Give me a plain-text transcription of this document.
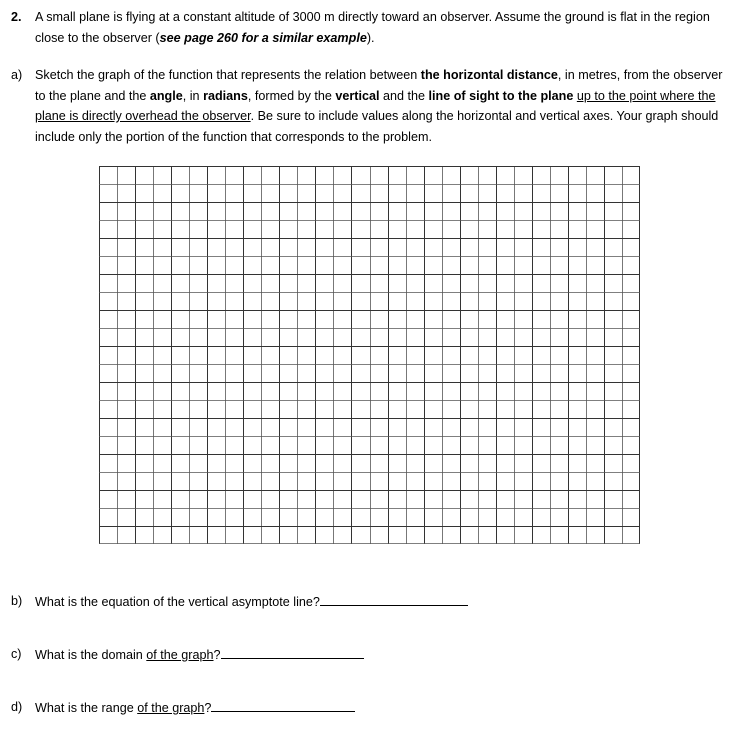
2. A small plane is flying at a constant altitude of 3000 m directly toward an observer. Assume the ground is flat in the region close to the observer (see page 260 for a similar example).
a) Sketch the graph of the function that represents the relation between the horizontal distance, in metres, from the observer to the plane and the angle, in radians, formed by the vertical and the line of sight to the plane up to the point where the plane is directly overhead the observer. Be sure to include values along the horizontal and vertical axes. Your graph should include only the portion of the function that corresponds to the problem.
b) What is the equation of the vertical asymptote line?
c) What is the domain of the graph?
d) What is the range of the graph?
